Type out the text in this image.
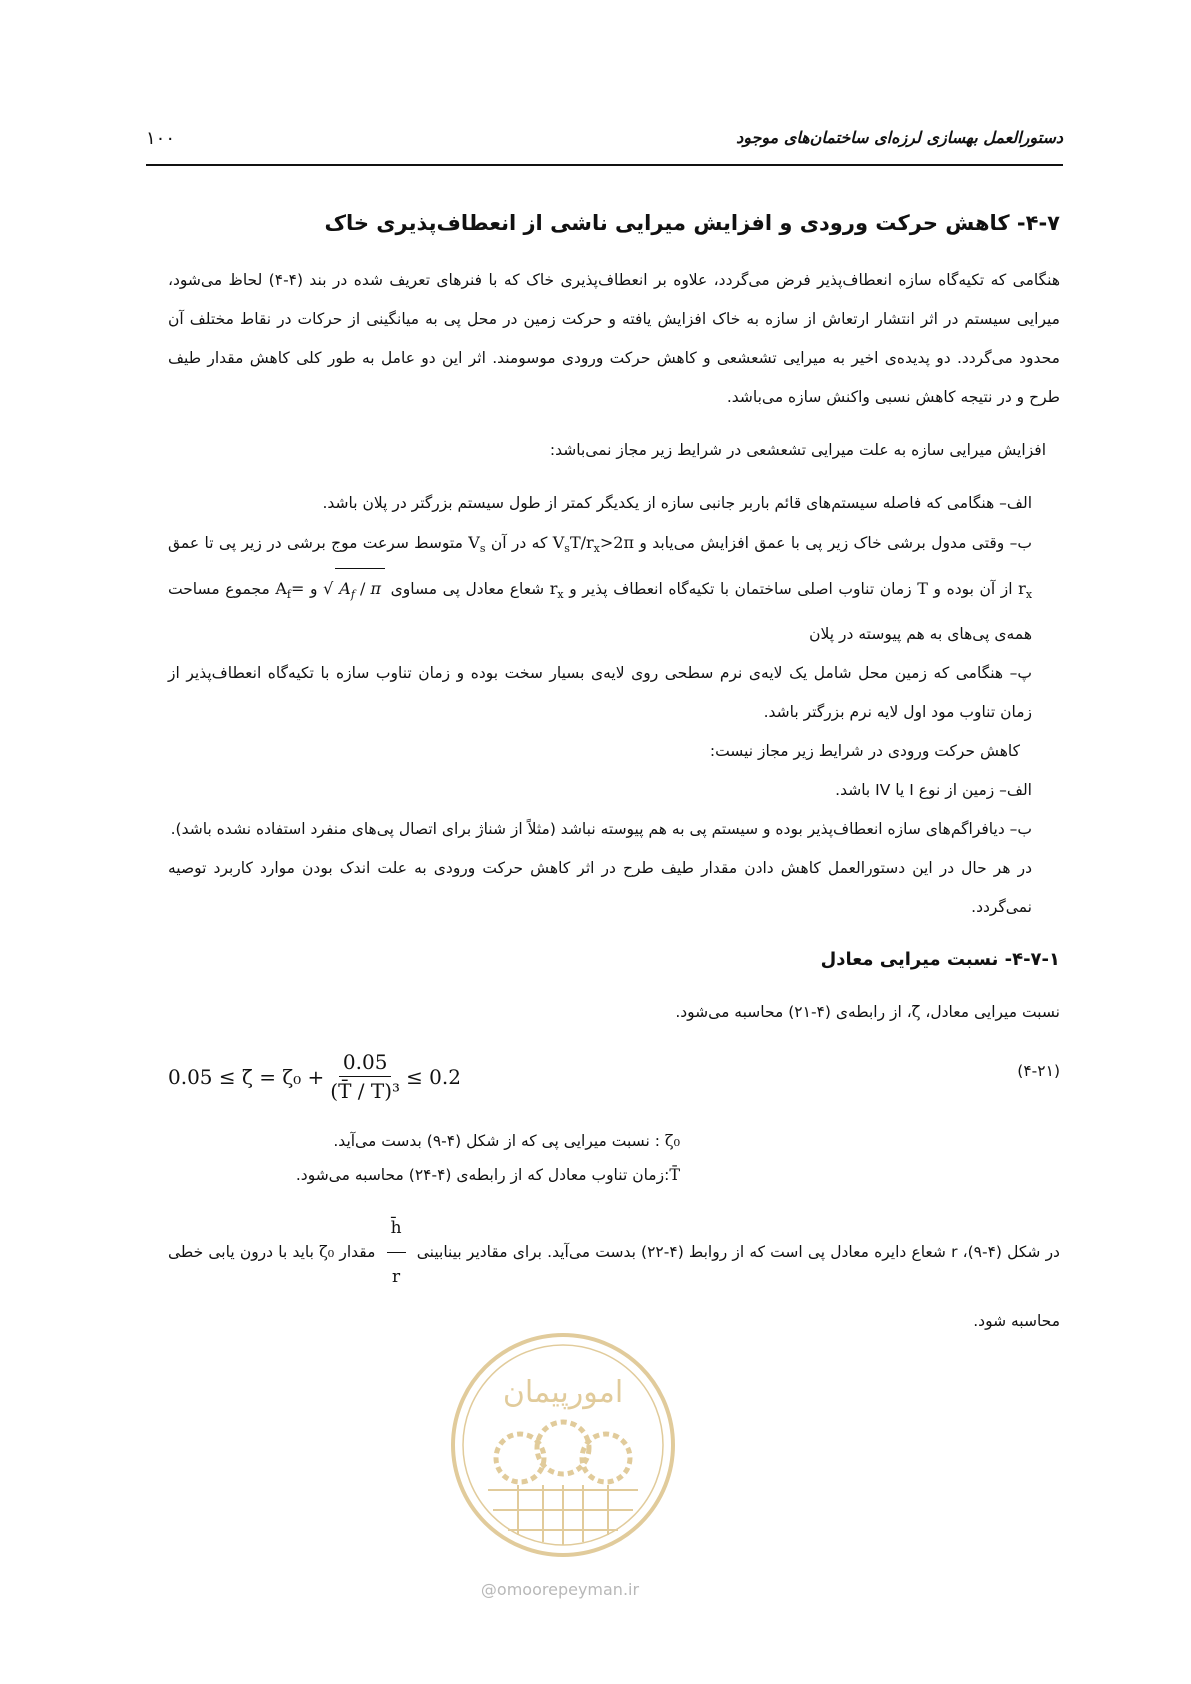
دستورالعمل بهسازی لرزه‌ای ساختمان‌های موجود
۱۰۰
۴-۷- کاهش حرکت ورودی و افزایش میرایی ناشی از انعطاف‌پذیری خاک

هنگامی که تکیه‌گاه سازه انعطاف‌پذیر فرض می‌گردد، علاوه بر انعطاف‌پذیری خاک که با فنرهای تعریف شده در بند (۴-۴) لحاظ می‌شود، میرایی سیستم در اثر انتشار ارتعاش از سازه به خاک افزایش یافته و حرکت زمین در محل پی به میانگینی از حرکات در نقاط مختلف آن محدود می‌گردد. دو پدیده‌ی اخیر به میرایی تشعشعی و کاهش حرکت ورودی موسومند. اثر این دو عامل به طور کلی کاهش مقدار طیف طرح و در نتیجه کاهش نسبی واکنش سازه می‌باشد.

افزایش میرایی سازه به علت میرایی تشعشعی در شرایط زیر مجاز نمی‌باشد:

الف– هنگامی که فاصله سیستم‌های قائم باربر جانبی سازه از یکدیگر کمتر از طول سیستم بزرگتر در پلان باشد.

ب– وقتی مدول برشی خاک زیر پی با عمق افزایش می‌یابد و $V_sT/r_x>2\pi$ که در آن $V_s$ متوسط سرعت موج برشی در زیر پی تا عمق $r_x$ از آن بوده و T زمان تناوب اصلی ساختمان با تکیه‌گاه انعطاف پذیر و $r_x$ شعاع معادل پی مساوی √ $A_f$ / π و $A_f=$ مجموع مساحت همه‌ی پی‌های به هم پیوسته در پلان

پ– هنگامی که زمین محل شامل یک لایه‌ی نرم سطحی روی لایه‌ی بسیار سخت بوده و زمان تناوب سازه با تکیه‌گاه انعطاف‌پذیر از زمان تناوب مود اول لایه نرم بزرگتر باشد.

کاهش حرکت ورودی در شرایط زیر مجاز نیست:

الف– زمین از نوع I یا IV باشد.

ب– دیافراگم‌های سازه انعطاف‌پذیر بوده و سیستم پی به هم پیوسته نباشد (مثلاً از شناژ برای اتصال پی‌های منفرد استفاده نشده باشد).

در هر حال در این دستورالعمل کاهش دادن مقدار طیف طرح در اثر کاهش حرکت ورودی به علت اندک بودن موارد کاربرد توصیه نمی‌گردد.

۴-۷-۱- نسبت میرایی معادل

نسبت میرایی معادل، ζ̄، از رابطه‌ی (۴-۲۱) محاسبه می‌شود.

(۴-۲۱)
0.05 ≤ ζ̄ = $\zeta_0 + \frac{0.05}{\text{(T̄ / T)³}} \le 0.2$

ζ₀ : نسبت میرایی پی که از شکل (۴-۹) بدست می‌آید.

T̄:زمان تناوب معادل که از رابطه‌ی (۴-۲۴) محاسبه می‌شود.

در شکل (۴-۹)، r شعاع دایره معادل پی است که از روابط (۴-۲۲) بدست می‌آید. برای مقادیر بینابینی
$\frac{h̄}{r}$
مقدار ζ₀ باید با درون یابی خطی محاسبه شود.

امورپیمان
@omoorepeyman.ir
